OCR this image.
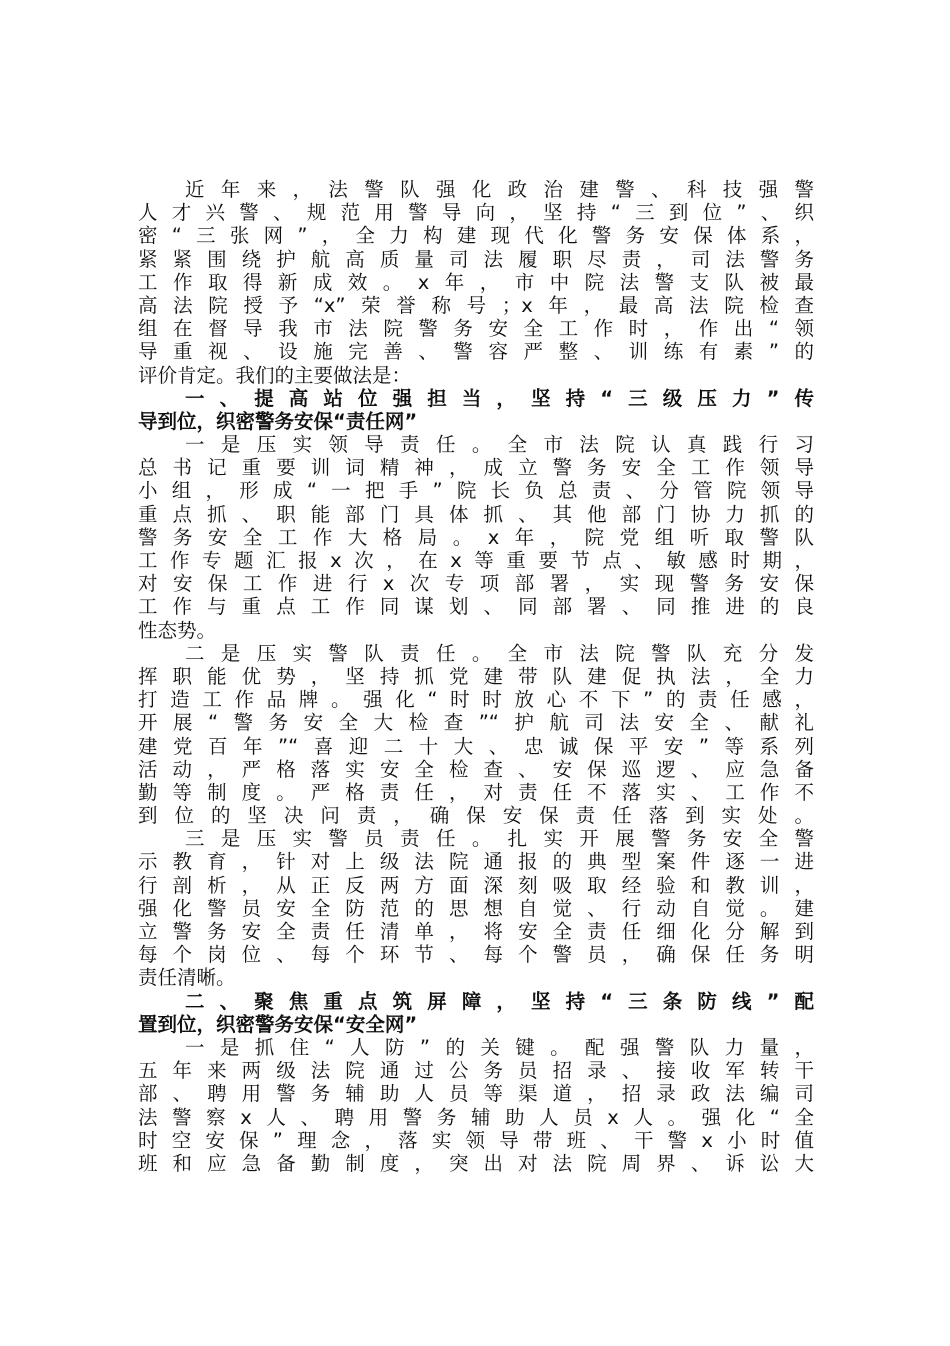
近年来，法警队强化政治建警、科技强警
人才兴警、规范用警导向，坚持“三到位”、织
密“三张网”，全力构建现代化警务安保体系，
紧紧围绕护航高质量司法履职尽责，司法警务
工作取得新成效。x年，市中院法警支队被最
高法院授予“x”荣誉称号；x年，最高法院检查
组在督导我市法院警务安全工作时，作出“领
导重视、设施完善、警容严整、训练有素”的
评价肯定。我们的主要做法是：
一、提高站位强担当，坚持“三级压力”传
导到位，织密警务安保“责任网”
一是压实领导责任。全市法院认真践行习
总书记重要训词精神，成立警务安全工作领导
小组，形成“一把手”院长负总责、分管院领导
重点抓、职能部门具体抓、其他部门协力抓的
警务安全工作大格局。x年，院党组听取警队
工作专题汇报x次，在x等重要节点、敏感时期，
对安保工作进行x次专项部署，实现警务安保
工作与重点工作同谋划、同部署、同推进的良
性态势。
二是压实警队责任。全市法院警队充分发
挥职能优势，坚持抓党建带队建促执法，全力
打造工作品牌。强化“时时放心不下”的责任感，
开展“警务安全大检查”“护航司法安全、献礼
建党百年”“喜迎二十大、忠诚保平安”等系列
活动，严格落实安全检查、安保巡逻、应急备
勤等制度。严格责任，对责任不落实、工作不
到位的坚决问责，确保安保责任落到实处。
三是压实警员责任。扎实开展警务安全警
示教育，针对上级法院通报的典型案件逐一进
行剖析，从正反两方面深刻吸取经验和教训，
强化警员安全防范的思想自觉、行动自觉。建
立警务安全责任清单，将安全责任细化分解到
每个岗位、每个环节、每个警员，确保任务明
责任清晰。
二、聚焦重点筑屏障，坚持“三条防线”配
置到位，织密警务安保“安全网”
一是抓住“人防”的关键。配强警队力量，
五年来两级法院通过公务员招录、接收军转干
部、聘用警务辅助人员等渠道，招录政法编司
法警察x人、聘用警务辅助人员x人。强化“全
时空安保”理念，落实领导带班、干警x小时值
班和应急备勤制度，突出对法院周界、诉讼大
